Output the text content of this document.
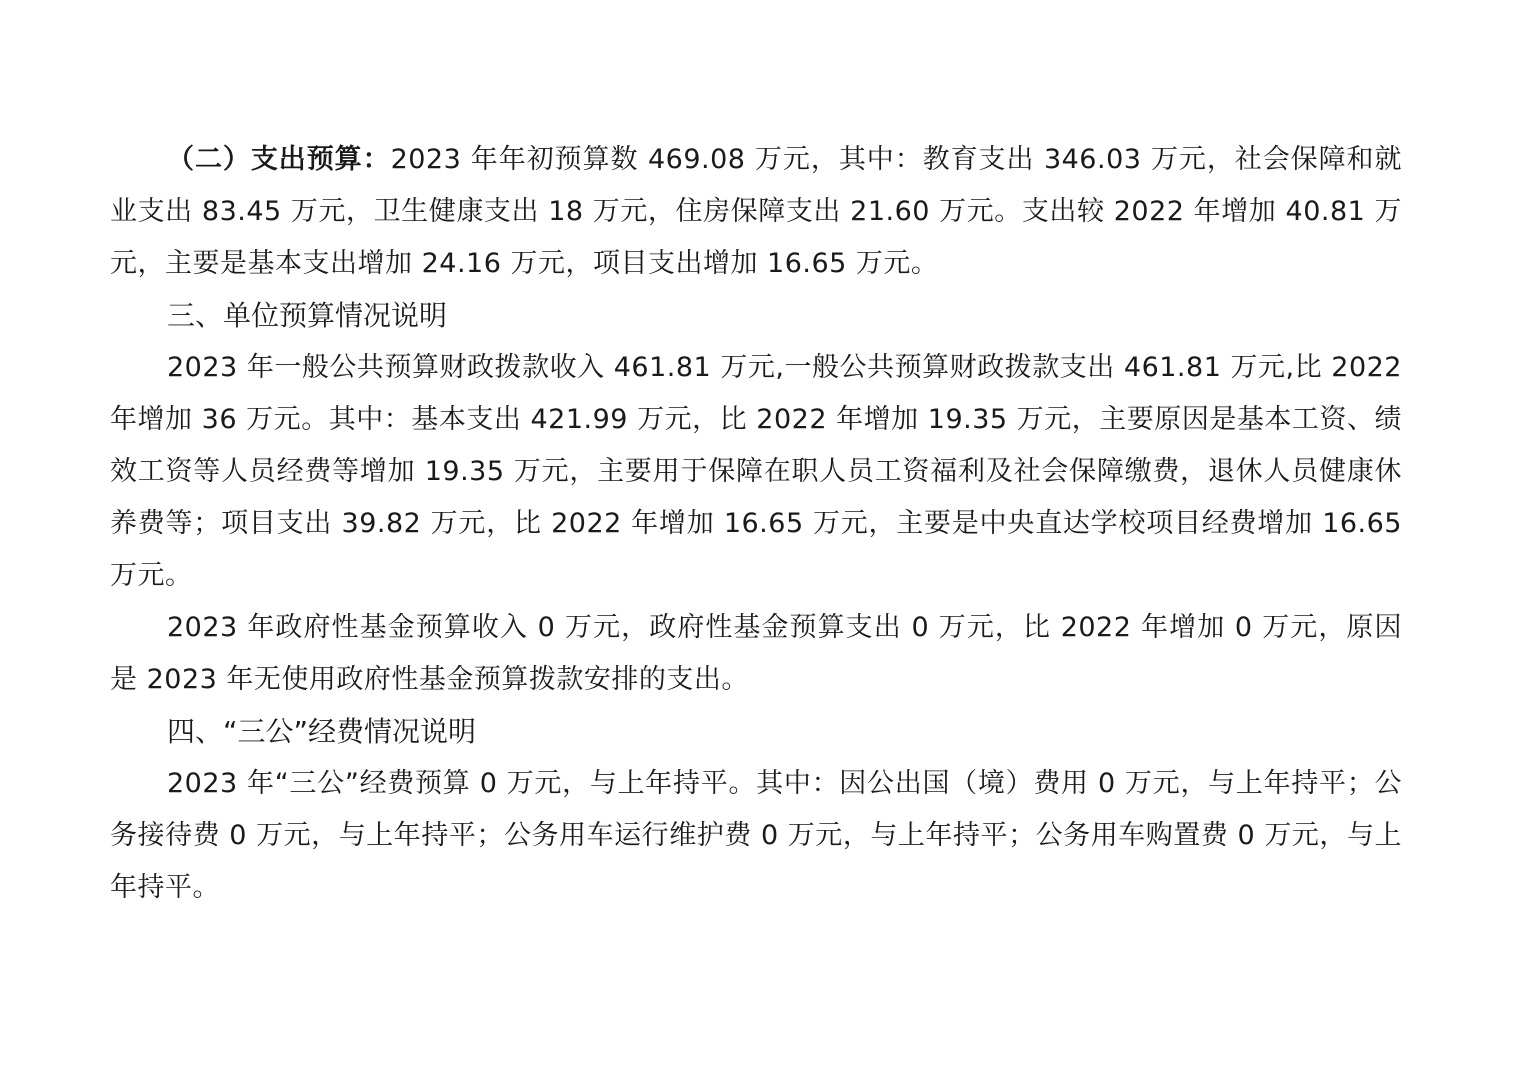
（二）支出预算：2023 年年初预算数 469.08 万元，其中：教育支出 346.03 万元，社会保障和就业支出 83.45 万元，卫生健康支出 18 万元，住房保障支出 21.60 万元。支出较 2022 年增加 40.81 万元，主要是基本支出增加 24.16 万元，项目支出增加 16.65 万元。

三、单位预算情况说明

2023 年一般公共预算财政拨款收入 461.81 万元,一般公共预算财政拨款支出 461.81 万元,比 2022 年增加 36 万元。其中：基本支出 421.99 万元，比 2022 年增加 19.35 万元，主要原因是基本工资、绩效工资等人员经费等增加 19.35 万元，主要用于保障在职人员工资福利及社会保障缴费，退休人员健康休养费等；项目支出 39.82 万元，比 2022 年增加 16.65 万元，主要是中央直达学校项目经费增加 16.65 万元。

2023 年政府性基金预算收入 0 万元，政府性基金预算支出 0 万元，比 2022 年增加 0 万元，原因是 2023 年无使用政府性基金预算拨款安排的支出。

四、“三公”经费情况说明

2023 年“三公”经费预算 0 万元，与上年持平。其中：因公出国（境）费用 0 万元，与上年持平；公务接待费 0 万元，与上年持平；公务用车运行维护费 0 万元，与上年持平；公务用车购置费 0 万元，与上年持平。
